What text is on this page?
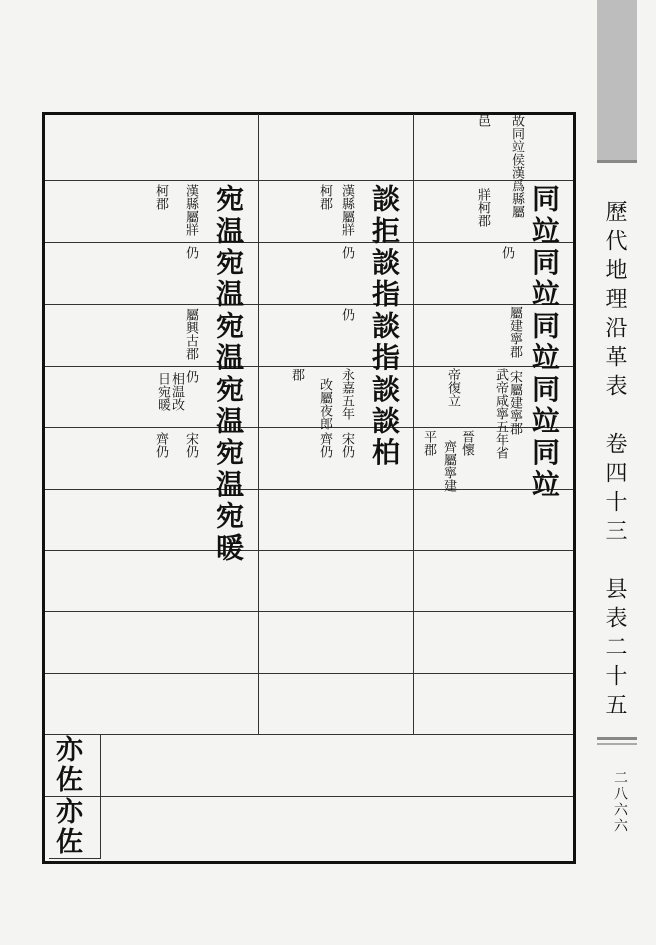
歷代地理沿革表　卷四十三　县表二十五
二八六六
同竝同竝同竝同竝同竝
故同竝侯漢爲縣屬
牂柯郡
仍
屬建寧郡
武帝咸寧五年省 宋屬建寧郡
帝復立
晉懷
平郡 齊屬寧建
邑
談拒談指談指談談柏
漢縣屬牂
柯郡
仍
仍
永嘉五年
改屬夜郎
郡
宋仍
齊仍
宛温宛温宛温宛温宛温宛暖
漢縣屬牂
柯郡
仍
屬興古郡
仍
日宛暖 相温改
宋仍
齊仍
亦
佐
亦
佐
